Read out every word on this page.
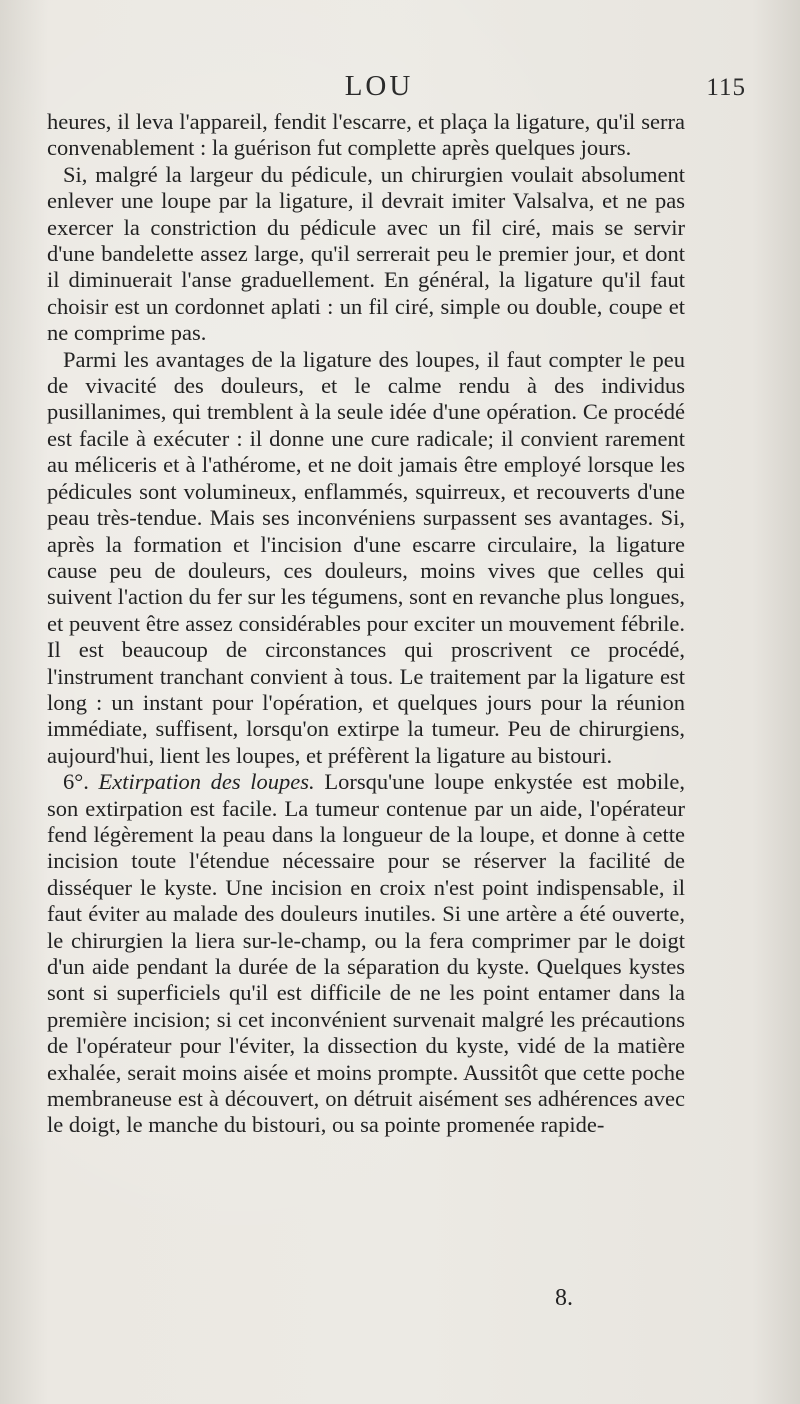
LOU	115

heures, il leva l'appareil, fendit l'escarre, et plaça la ligature, qu'il serra convenablement : la guérison fut complette après quelques jours.

Si, malgré la largeur du pédicule, un chirurgien voulait absolument enlever une loupe par la ligature, il devrait imiter Valsalva, et ne pas exercer la constriction du pédicule avec un fil ciré, mais se servir d'une bandelette assez large, qu'il serrerait peu le premier jour, et dont il diminuerait l'anse graduellement. En général, la ligature qu'il faut choisir est un cordonnet aplati : un fil ciré, simple ou double, coupe et ne comprime pas.

Parmi les avantages de la ligature des loupes, il faut compter le peu de vivacité des douleurs, et le calme rendu à des individus pusillanimes, qui tremblent à la seule idée d'une opération. Ce procédé est facile à exécuter : il donne une cure radicale; il convient rarement au méliceris et à l'athérome, et ne doit jamais être employé lorsque les pédicules sont volumineux, enflammés, squirreux, et recouverts d'une peau très-tendue. Mais ses inconvéniens surpassent ses avantages. Si, après la formation et l'incision d'une escarre circulaire, la ligature cause peu de douleurs, ces douleurs, moins vives que celles qui suivent l'action du fer sur les tégumens, sont en revanche plus longues, et peuvent être assez considérables pour exciter un mouvement fébrile. Il est beaucoup de circonstances qui proscrivent ce procédé, l'instrument tranchant convient à tous. Le traitement par la ligature est long : un instant pour l'opération, et quelques jours pour la réunion immédiate, suffisent, lorsqu'on extirpe la tumeur. Peu de chirurgiens, aujourd'hui, lient les loupes, et préfèrent la ligature au bistouri.

6°. Extirpation des loupes. Lorsqu'une loupe enkystée est mobile, son extirpation est facile. La tumeur contenue par un aide, l'opérateur fend légèrement la peau dans la longueur de la loupe, et donne à cette incision toute l'étendue nécessaire pour se réserver la facilité de disséquer le kyste. Une incision en croix n'est point indispensable, il faut éviter au malade des douleurs inutiles. Si une artère a été ouverte, le chirurgien la liera sur-le-champ, ou la fera comprimer par le doigt d'un aide pendant la durée de la séparation du kyste. Quelques kystes sont si superficiels qu'il est difficile de ne les point entamer dans la première incision; si cet inconvénient survenait malgré les précautions de l'opérateur pour l'éviter, la dissection du kyste, vidé de la matière exhalée, serait moins aisée et moins prompte. Aussitôt que cette poche membraneuse est à découvert, on détruit aisément ses adhérences avec le doigt, le manche du bistouri, ou sa pointe promenée rapide-

8.
